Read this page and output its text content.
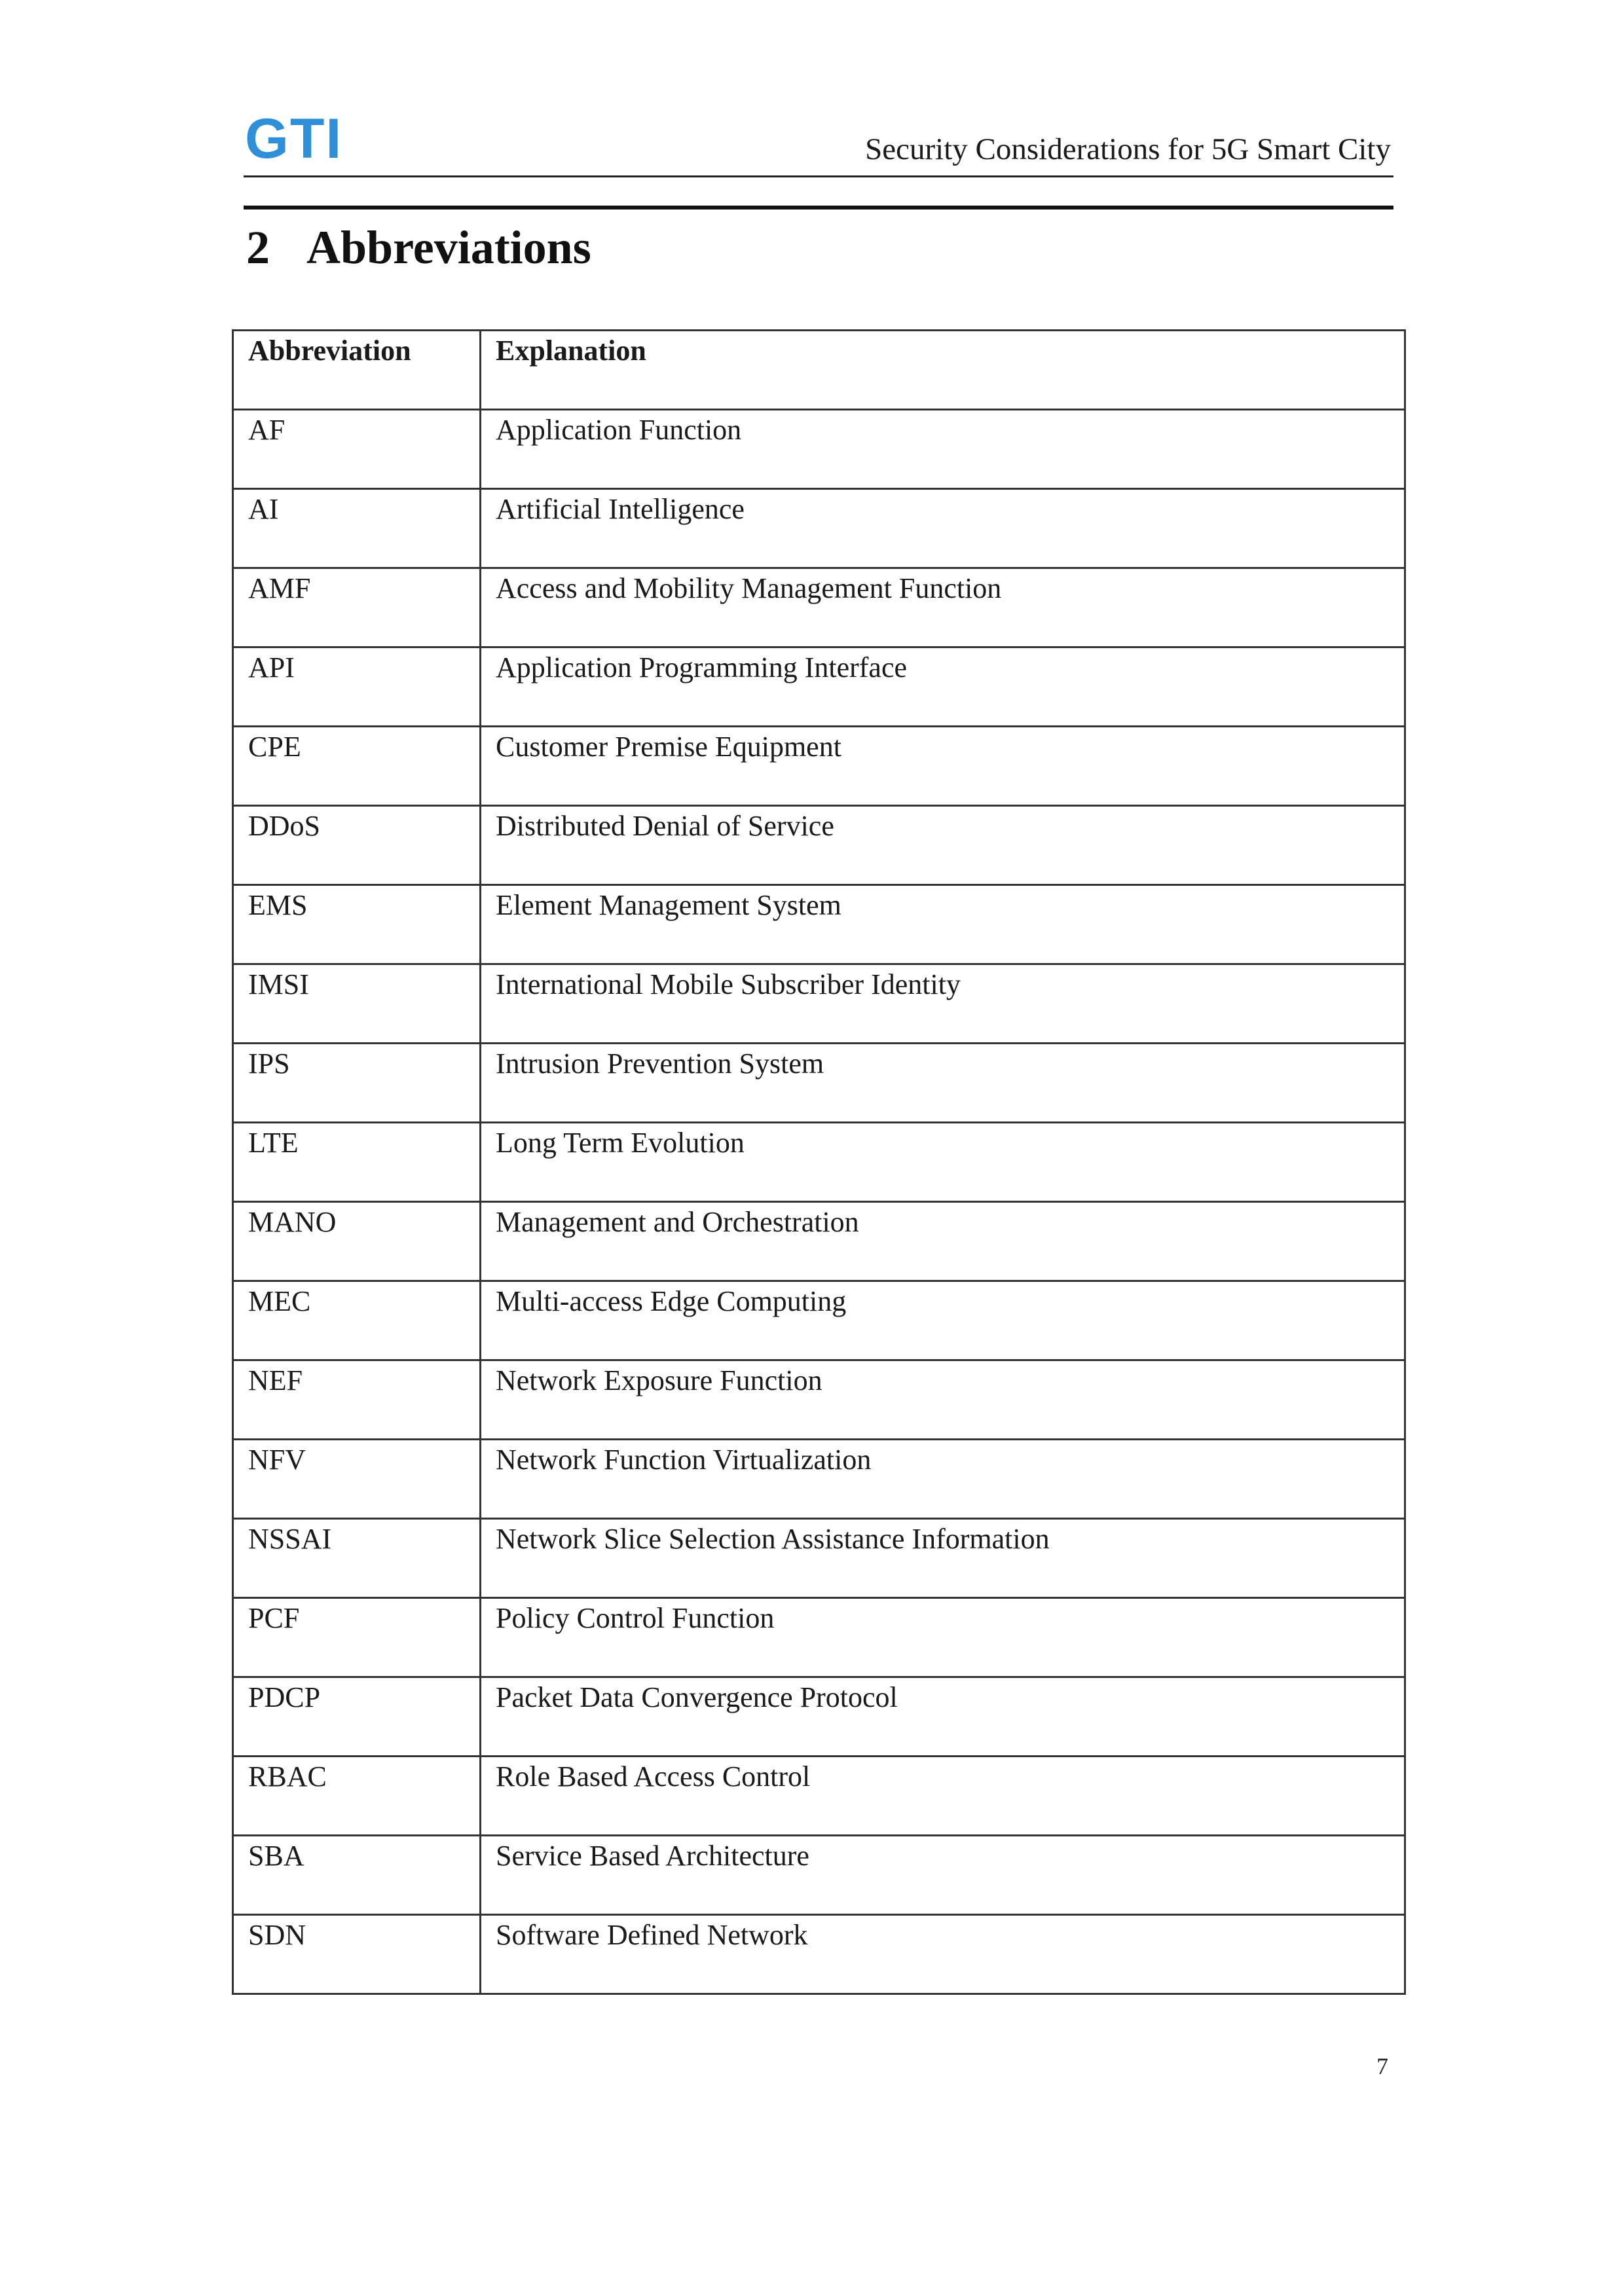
GTI	Security Considerations for 5G Smart City
2 Abbreviations
Abbreviation	Explanation

AF	Application Function

AI	Artificial Intelligence

AMF	Access and Mobility Management Function

API	Application Programming Interface

CPE	Customer Premise Equipment

DDoS	Distributed Denial of Service

EMS	Element Management System

IMSI	International Mobile Subscriber Identity

IPS	Intrusion Prevention System

LTE	Long Term Evolution

MANO	Management and Orchestration

MEC	Multi-access Edge Computing

NEF	Network Exposure Function

NFV	Network Function Virtualization

NSSAI	Network Slice Selection Assistance Information

PCF	Policy Control Function

PDCP	Packet Data Convergence Protocol

RBAC	Role Based Access Control

SBA	Service Based Architecture

SDN	Software Defined Network
7
